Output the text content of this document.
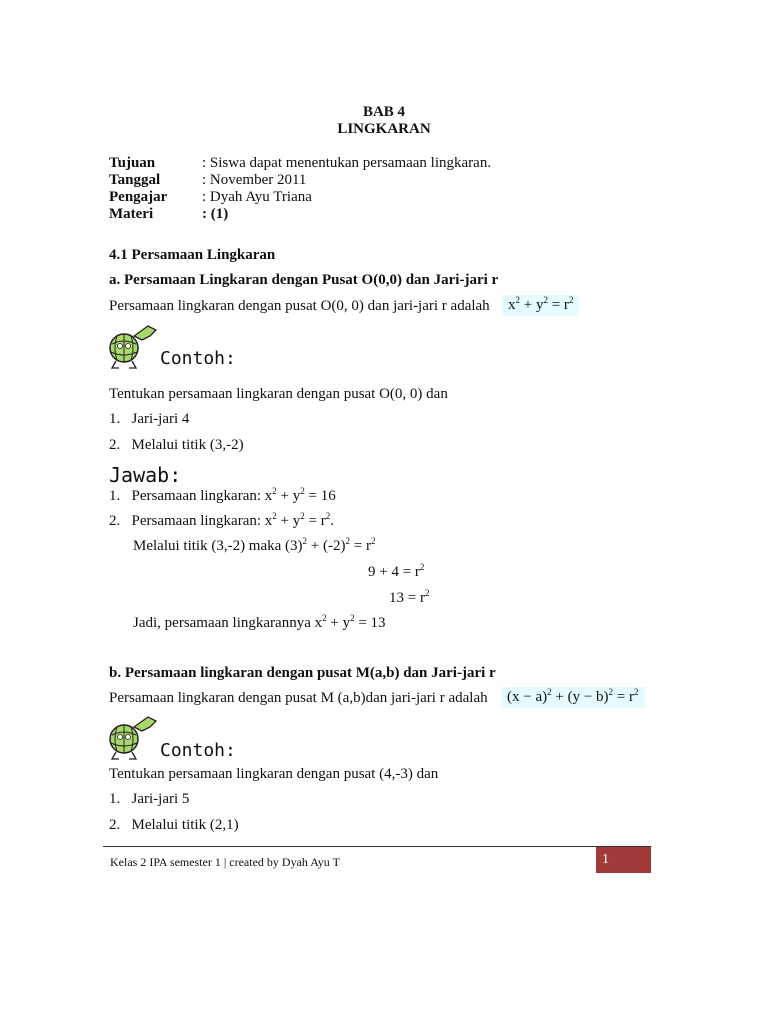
BAB 4
LINGKARAN
Tujuan	: Siswa dapat menentukan persamaan lingkaran.
Tanggal	: November 2011
Pengajar : Dyah Ayu Triana
Materi	: (1)
4.1 Persamaan Lingkaran
a. Persamaan Lingkaran dengan Pusat O(0,0) dan Jari-jari r
Persamaan lingkaran dengan pusat O(0, 0) dan jari-jari r adalah	$x^2 + y^2 = r^2$
Contoh:
Tentukan persamaan lingkaran dengan pusat O(0, 0) dan
1.   Jari-jari 4
2.   Melalui titik (3,-2)
Jawab:
1.   Persamaan lingkaran: $x^2 + y^2 = 16$
2.   Persamaan lingkaran: $x^2 + y^2 = r^2$.
Melalui titik (3,-2) maka $(3)^2 + (-2)^2 = r^2$
$9 + 4 = r^2$
$13 = r^2$
Jadi, persamaan lingkarannya $x^2 + y^2 = 13$
b. Persamaan lingkaran dengan pusat M(a,b) dan Jari-jari r
Persamaan lingkaran dengan pusat M (a,b)dan jari-jari r adalah	$(x - a)^2 + (y - b)^2 = r^2$
Contoh:
Tentukan persamaan lingkaran dengan pusat (4,-3) dan
1.   Jari-jari 5
2.   Melalui titik (2,1)
Kelas 2 IPA semester 1 | created by Dyah Ayu T	1
